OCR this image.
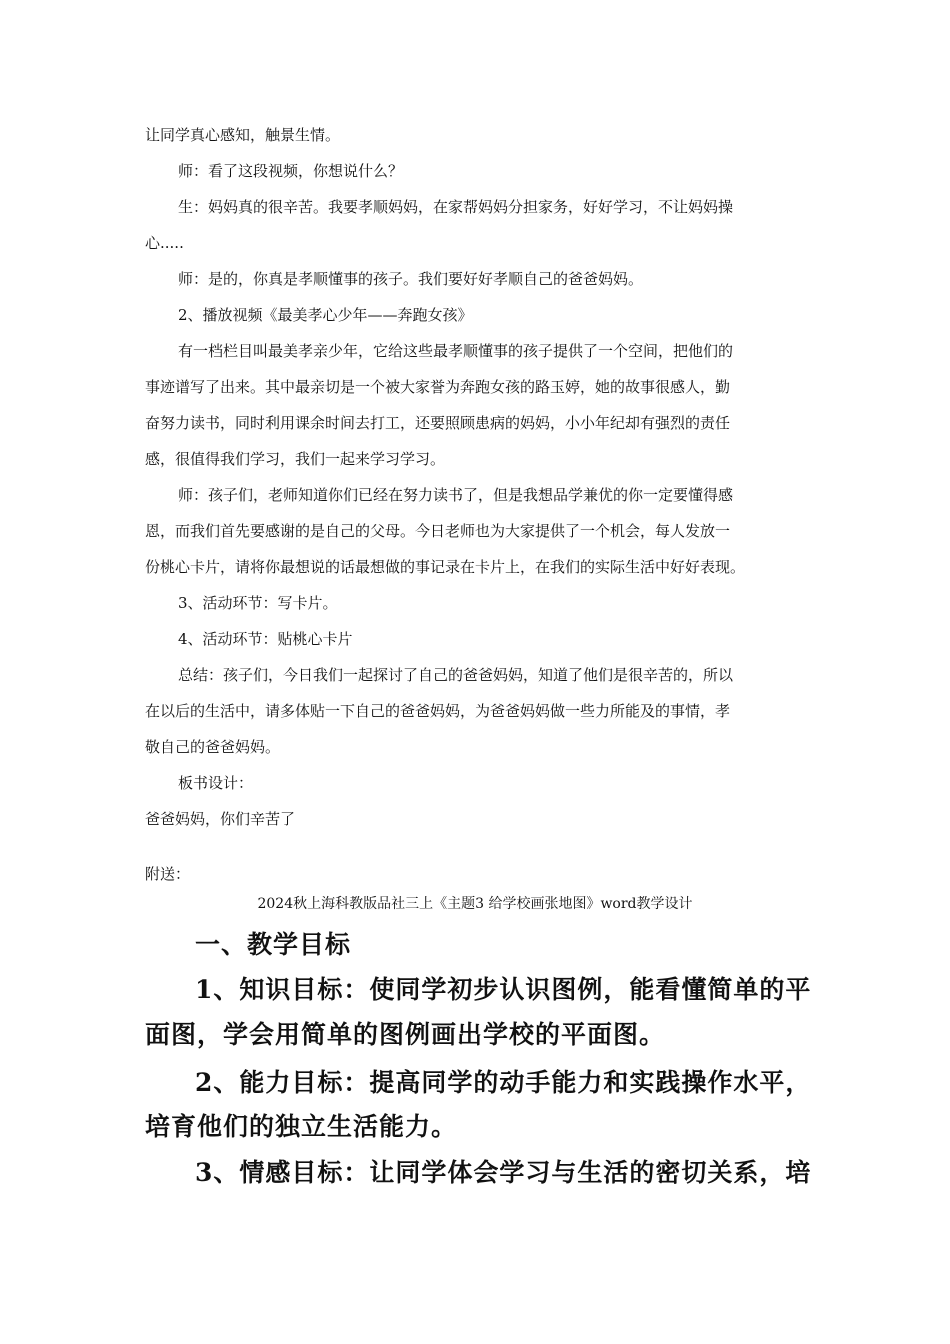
让同学真心感知，触景生情。
师：看了这段视频，你想说什么？
生：妈妈真的很辛苦。我要孝顺妈妈，在家帮妈妈分担家务，好好学习，不让妈妈操
心.....
师：是的，你真是孝顺懂事的孩子。我们要好好孝顺自己的爸爸妈妈。
2、播放视频《最美孝心少年——奔跑女孩》
有一档栏目叫最美孝亲少年，它给这些最孝顺懂事的孩子提供了一个空间，把他们的
事迹谱写了出来。其中最亲切是一个被大家誉为奔跑女孩的路玉婷，她的故事很感人，勤
奋努力读书，同时利用课余时间去打工，还要照顾患病的妈妈，小小年纪却有强烈的责任
感，很值得我们学习，我们一起来学习学习。
师：孩子们，老师知道你们已经在努力读书了，但是我想品学兼优的你一定要懂得感
恩，而我们首先要感谢的是自己的父母。今日老师也为大家提供了一个机会，每人发放一
份桃心卡片，请将你最想说的话最想做的事记录在卡片上，在我们的实际生活中好好表现。
3、活动环节：写卡片。
4、活动环节：贴桃心卡片
总结：孩子们，今日我们一起探讨了自己的爸爸妈妈，知道了他们是很辛苦的，所以
在以后的生活中，请多体贴一下自己的爸爸妈妈，为爸爸妈妈做一些力所能及的事情，孝
敬自己的爸爸妈妈。
板书设计：
爸爸妈妈，你们辛苦了
附送：
2024秋上海科教版品社三上《主题3 给学校画张地图》word教学设计
一、教学目标
1、知识目标：使同学初步认识图例，能看懂简单的平
面图，学会用简单的图例画出学校的平面图。
2、能力目标：提高同学的动手能力和实践操作水平，
培育他们的独立生活能力。
3、情感目标：让同学体会学习与生活的密切关系，培
